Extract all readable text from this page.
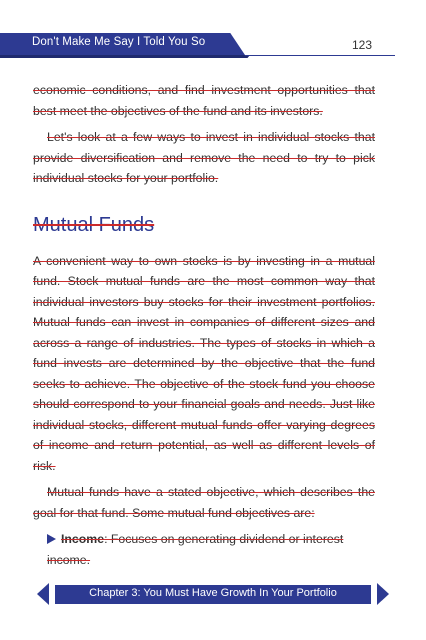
Don't Make Me Say I Told You So	123

economic conditions, and find investment opportunities that best meet the objectives of the fund and its investors.

Let's look at a few ways to invest in individual stocks that provide diversification and remove the need to try to pick individual stocks for your portfolio.

Mutual Funds

A convenient way to own stocks is by investing in a mutual fund. Stock mutual funds are the most common way that individual investors buy stocks for their investment portfolios. Mutual funds can invest in companies of different sizes and across a range of industries. The types of stocks in which a fund invests are determined by the objective that the fund seeks to achieve. The objective of the stock fund you choose should correspond to your financial goals and needs. Just like individual stocks, different mutual funds offer varying degrees of income and return potential, as well as different levels of risk.

Mutual funds have a stated objective, which describes the goal for that fund. Some mutual fund objectives are:

Income: Focuses on generating dividend or interest income.
Chapter 3: You Must Have Growth In Your Portfolio
